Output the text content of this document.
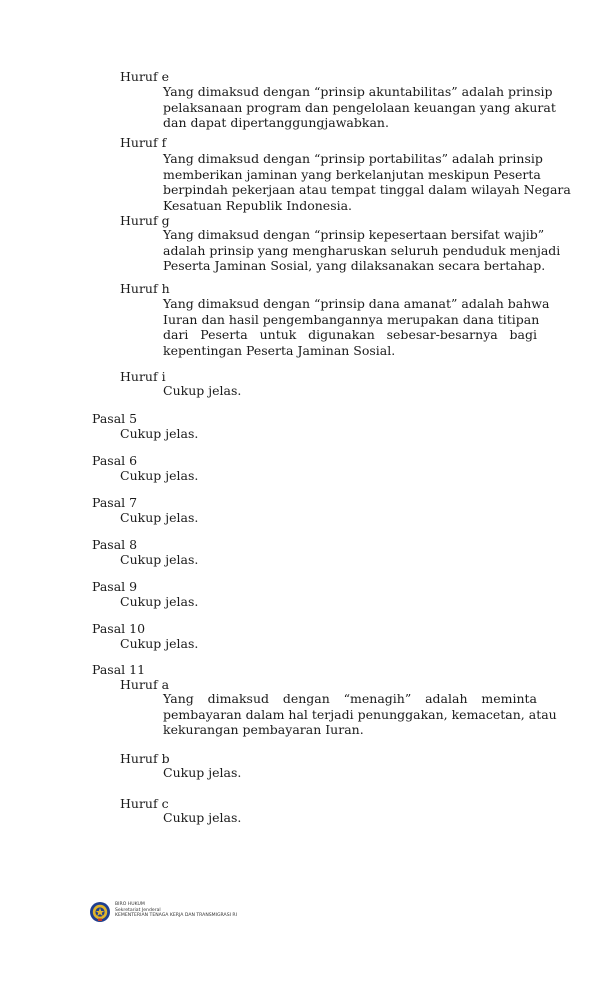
Huruf e
Yang dimaksud dengan “prinsip akuntabilitas” adalah prinsip
pelaksanaan program dan pengelolaan keuangan yang akurat
dan dapat dipertanggungjawabkan.
Huruf f
Yang dimaksud dengan “prinsip portabilitas” adalah prinsip
memberikan jaminan yang berkelanjutan meskipun Peserta
berpindah pekerjaan atau tempat tinggal dalam wilayah Negara
Kesatuan Republik Indonesia.
Huruf g
Yang dimaksud dengan “prinsip kepesertaan bersifat wajib”
adalah prinsip yang mengharuskan seluruh penduduk menjadi
Peserta Jaminan Sosial, yang dilaksanakan secara bertahap.
Huruf h
Yang dimaksud dengan “prinsip dana amanat” adalah bahwa
Iuran dan hasil pengembangannya merupakan dana titipan
dari Peserta untuk digunakan sebesar-besarnya bagi
kepentingan Peserta Jaminan Sosial.
Huruf i
Cukup jelas.
Pasal 5
Cukup jelas.
Pasal 6
Cukup jelas.
Pasal 7
Cukup jelas.
Pasal 8
Cukup jelas.
Pasal 9
Cukup jelas.
Pasal 10
Cukup jelas.
Pasal 11
Huruf a
Yang dimaksud dengan “menagih” adalah meminta
pembayaran dalam hal terjadi penunggakan, kemacetan, atau
kekurangan pembayaran Iuran.
Huruf b
Cukup jelas.
Huruf c
Cukup jelas.
BIRO HUKUM
Sekretariat Jenderal
KEMENTERIAN TENAGA KERJA DAN TRANSMIGRASI RI
